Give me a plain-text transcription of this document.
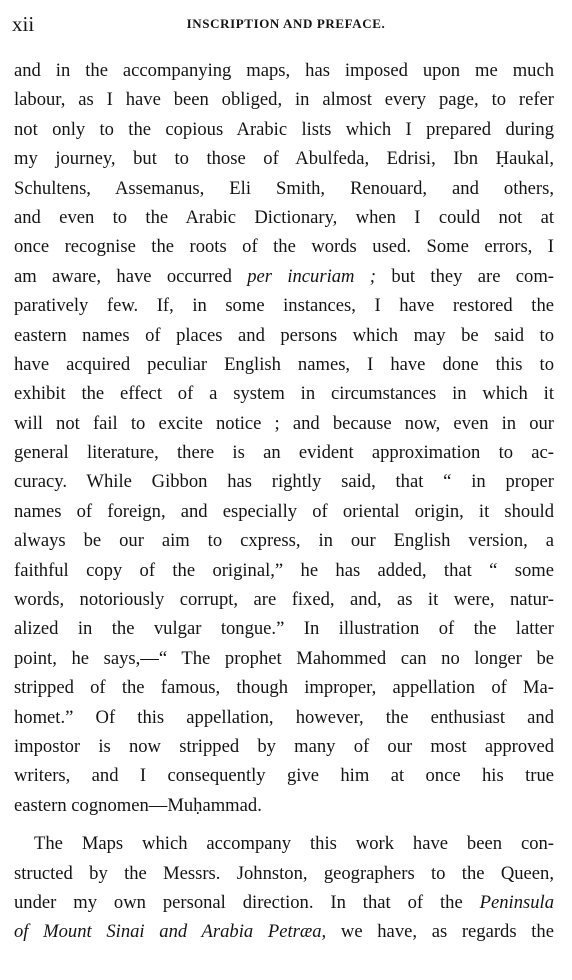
xii	INSCRIPTION AND PREFACE.
and in the accompanying maps, has imposed upon me much
labour, as I have been obliged, in almost every page, to refer
not only to the copious Arabic lists which I prepared during
my journey, but to those of Abulfeda, Edrisi, Ibn Ḥaukal,
Schultens, Assemanus, Eli Smith, Renouard, and others,
and even to the Arabic Dictionary, when I could not at
once recognise the roots of the words used. Some errors, I
am aware, have occurred per incuriam ; but they are com-
paratively few. If, in some instances, I have restored the
eastern names of places and persons which may be said to
have acquired peculiar English names, I have done this to
exhibit the effect of a system in circumstances in which it
will not fail to excite notice ; and because now, even in our
general literature, there is an evident approximation to ac-
curacy. While Gibbon has rightly said, that “ in proper
names of foreign, and especially of oriental origin, it should
always be our aim to cxpress, in our English version, a
faithful copy of the original,” he has added, that “ some
words, notoriously corrupt, are fixed, and, as it were, natur-
alized in the vulgar tongue.” In illustration of the latter
point, he says,—“ The prophet Mahommed can no longer be
stripped of the famous, though improper, appellation of Ma-
homet.” Of this appellation, however, the enthusiast and
impostor is now stripped by many of our most approved
writers, and I consequently give him at once his true
eastern cognomen—Muḥammad.
The Maps which accompany this work have been con-
structed by the Messrs. Johnston, geographers to the Queen,
under my own personal direction. In that of the Peninsula
of Mount Sinai and Arabia Petræa, we have, as regards the
